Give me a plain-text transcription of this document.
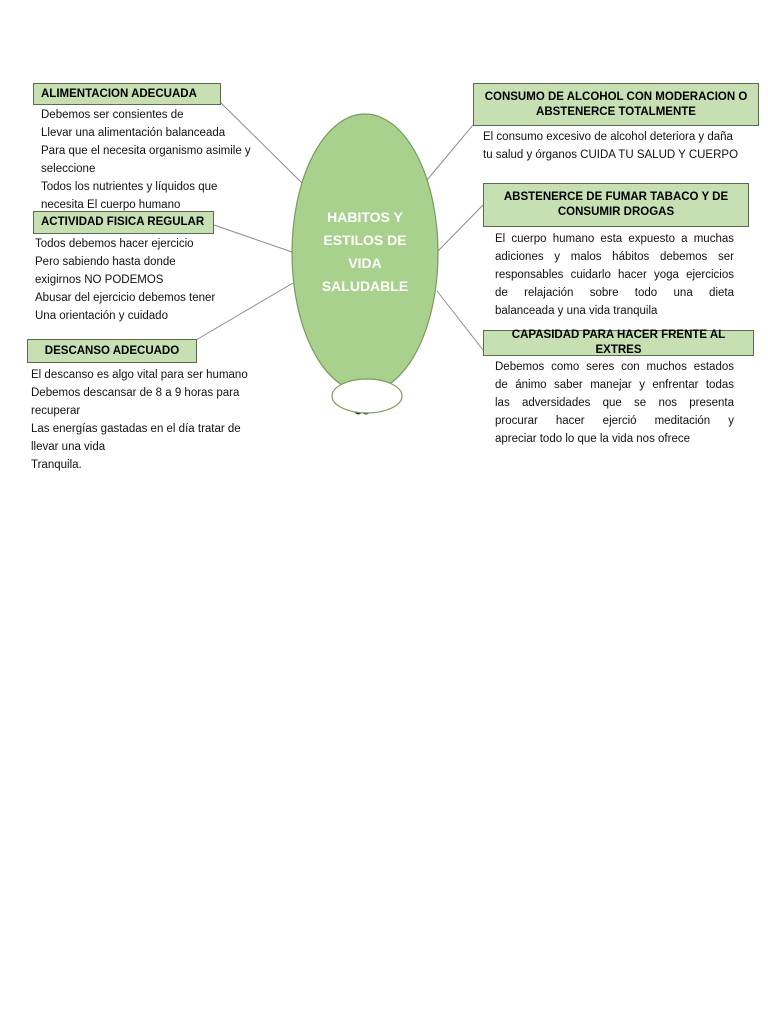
HABITOS Y
ESTILOS DE
VIDA
SALUDABLE
ALIMENTACION ADECUADA
Debemos ser consientes de
Llevar una alimentación balanceada
Para que el necesita organismo asimile y
seleccione
Todos los nutrientes y líquidos que
necesita El cuerpo humano
ACTIVIDAD FISICA REGULAR
Todos debemos hacer ejercicio
Pero sabiendo hasta donde
exigirnos NO PODEMOS
Abusar del ejercicio debemos tener
Una orientación y cuidado
DESCANSO ADECUADO
El descanso es algo vital para ser humano
Debemos descansar de 8 a 9 horas para
recuperar
Las energías gastadas en el día tratar de
llevar una vida
Tranquila.
CONSUMO DE ALCOHOL CON MODERACION O
ABSTENERCE TOTALMENTE
El consumo excesivo de alcohol deteriora y daña
tu salud y órganos CUIDA TU SALUD Y CUERPO
ABSTENERCE DE FUMAR TABACO Y DE
CONSUMIR DROGAS
El cuerpo humano esta expuesto a muchas
adiciones y malos hábitos debemos ser
responsables cuidarlo hacer yoga ejercicios
de relajación sobre todo una dieta
balanceada y una vida tranquila
CAPASIDAD PARA HACER FRENTE AL EXTRES
Debemos como seres con muchos estados
de ánimo saber manejar y enfrentar todas
las adversidades que se nos presenta
procurar hacer ejerció meditación y
apreciar todo lo que la vida nos ofrece
